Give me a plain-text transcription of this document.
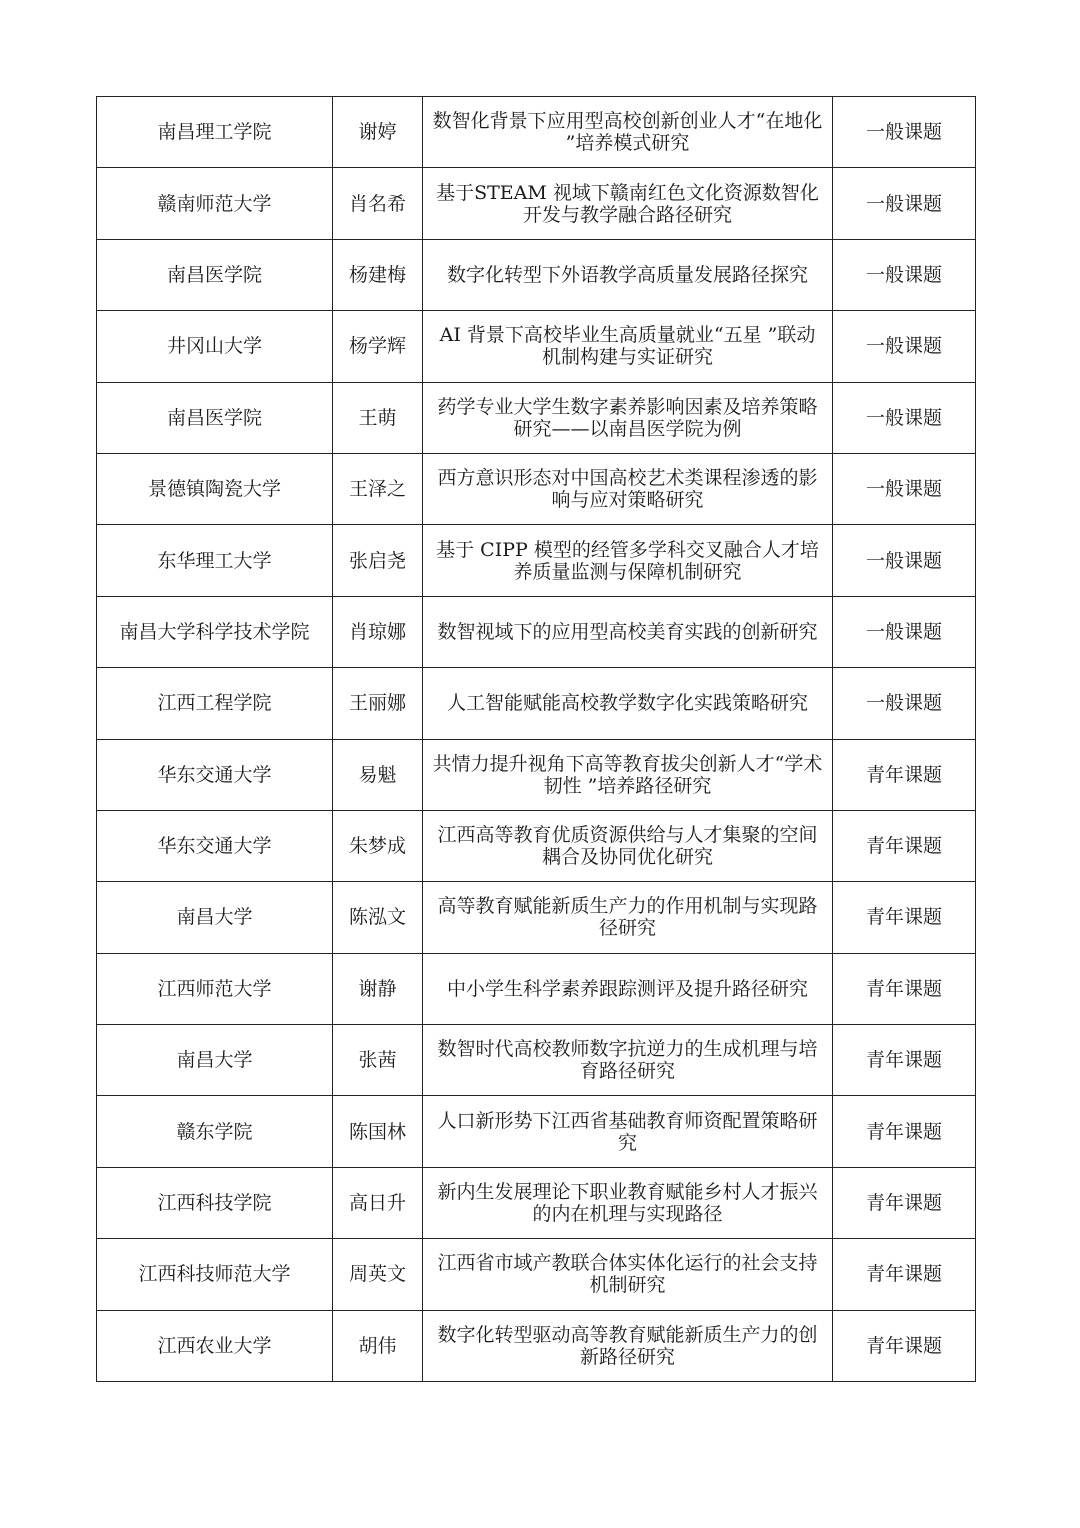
南昌理工学院	谢婷	数智化背景下应用型高校创新创业人才“在地化 ”培养模式研究	一般课题
赣南师范大学	肖名希	基于STEAM 视域下赣南红色文化资源数智化开发与教学融合路径研究	一般课题
南昌医学院	杨建梅	数字化转型下外语教学高质量发展路径探究	一般课题
井冈山大学	杨学辉	AI 背景下高校毕业生高质量就业“五星 ”联动机制构建与实证研究	一般课题
南昌医学院	王萌	药学专业大学生数字素养影响因素及培养策略研究——以南昌医学院为例	一般课题
景德镇陶瓷大学	王泽之	西方意识形态对中国高校艺术类课程渗透的影响与应对策略研究	一般课题
东华理工大学	张启尧	基于 CIPP 模型的经管多学科交叉融合人才培养质量监测与保障机制研究	一般课题
南昌大学科学技术学院	肖琼娜	数智视域下的应用型高校美育实践的创新研究	一般课题
江西工程学院	王丽娜	人工智能赋能高校教学数字化实践策略研究	一般课题
华东交通大学	易魁	共情力提升视角下高等教育拔尖创新人才“学术韧性 ”培养路径研究	青年课题
华东交通大学	朱梦成	江西高等教育优质资源供给与人才集聚的空间耦合及协同优化研究	青年课题
南昌大学	陈泓文	高等教育赋能新质生产力的作用机制与实现路径研究	青年课题
江西师范大学	谢静	中小学生科学素养跟踪测评及提升路径研究	青年课题
南昌大学	张茜	数智时代高校教师数字抗逆力的生成机理与培育路径研究	青年课题
赣东学院	陈国林	人口新形势下江西省基础教育师资配置策略研究	青年课题
江西科技学院	高日升	新内生发展理论下职业教育赋能乡村人才振兴的内在机理与实现路径	青年课题
江西科技师范大学	周英文	江西省市域产教联合体实体化运行的社会支持机制研究	青年课题
江西农业大学	胡伟	数字化转型驱动高等教育赋能新质生产力的创新路径研究	青年课题
